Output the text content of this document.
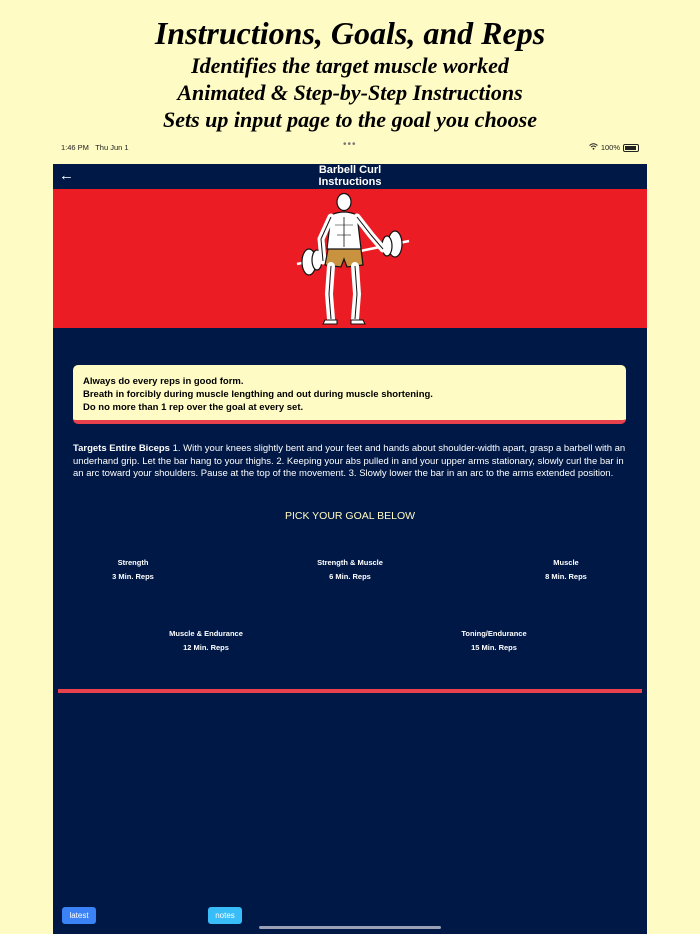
Instructions, Goals, and Reps
Identifies the target muscle worked
Animated & Step-by-Step Instructions
Sets up input page to the goal you choose
1:46 PM Thu Jun 1	•••	100%
←	Barbell Curl
Instructions
Always do every reps in good form.
Breath in forcibly during muscle lengthing and out during muscle shortening.
Do no more than 1 rep over the goal at every set.
Targets Entire Biceps 1. With your knees slightly bent and your feet and hands about shoulder-width apart, grasp a barbell with an underhand grip. Let the bar hang to your thighs. 2. Keeping your abs pulled in and your upper arms stationary, slowly curl the bar in an arc toward your shoulders. Pause at the top of the movement. 3. Slowly lower the bar in an arc to the arms extended position.
PICK YOUR GOAL BELOW
Strength
3 Min. Reps
Strength & Muscle
6 Min. Reps
Muscle
8 Min. Reps
Muscle & Endurance
12 Min. Reps
Toning/Endurance
15 Min. Reps
latest	notes
